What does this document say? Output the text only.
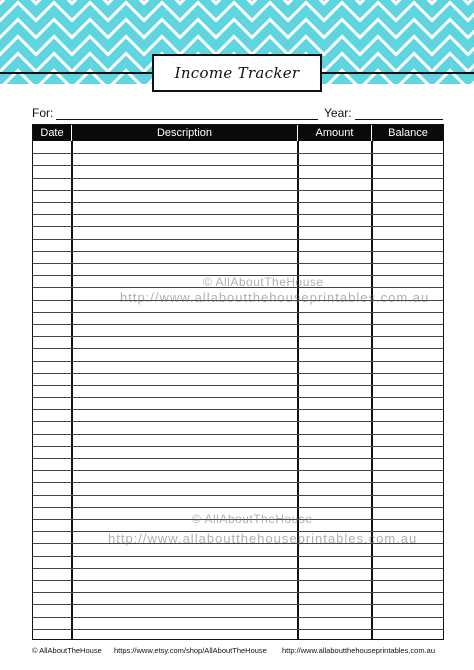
Income Tracker
For:	Year:
Date	Description	Amount	Balance
© AllAboutTheHouse
http://www.allaboutthehouseprintables.com.au
© AllAboutTheHouse
http://www.allaboutthehouseprintables.com.au
© AllAboutTheHouse https://www.etsy.com/shop/AllAboutTheHouse http://www.allaboutthehouseprintables.com.au
